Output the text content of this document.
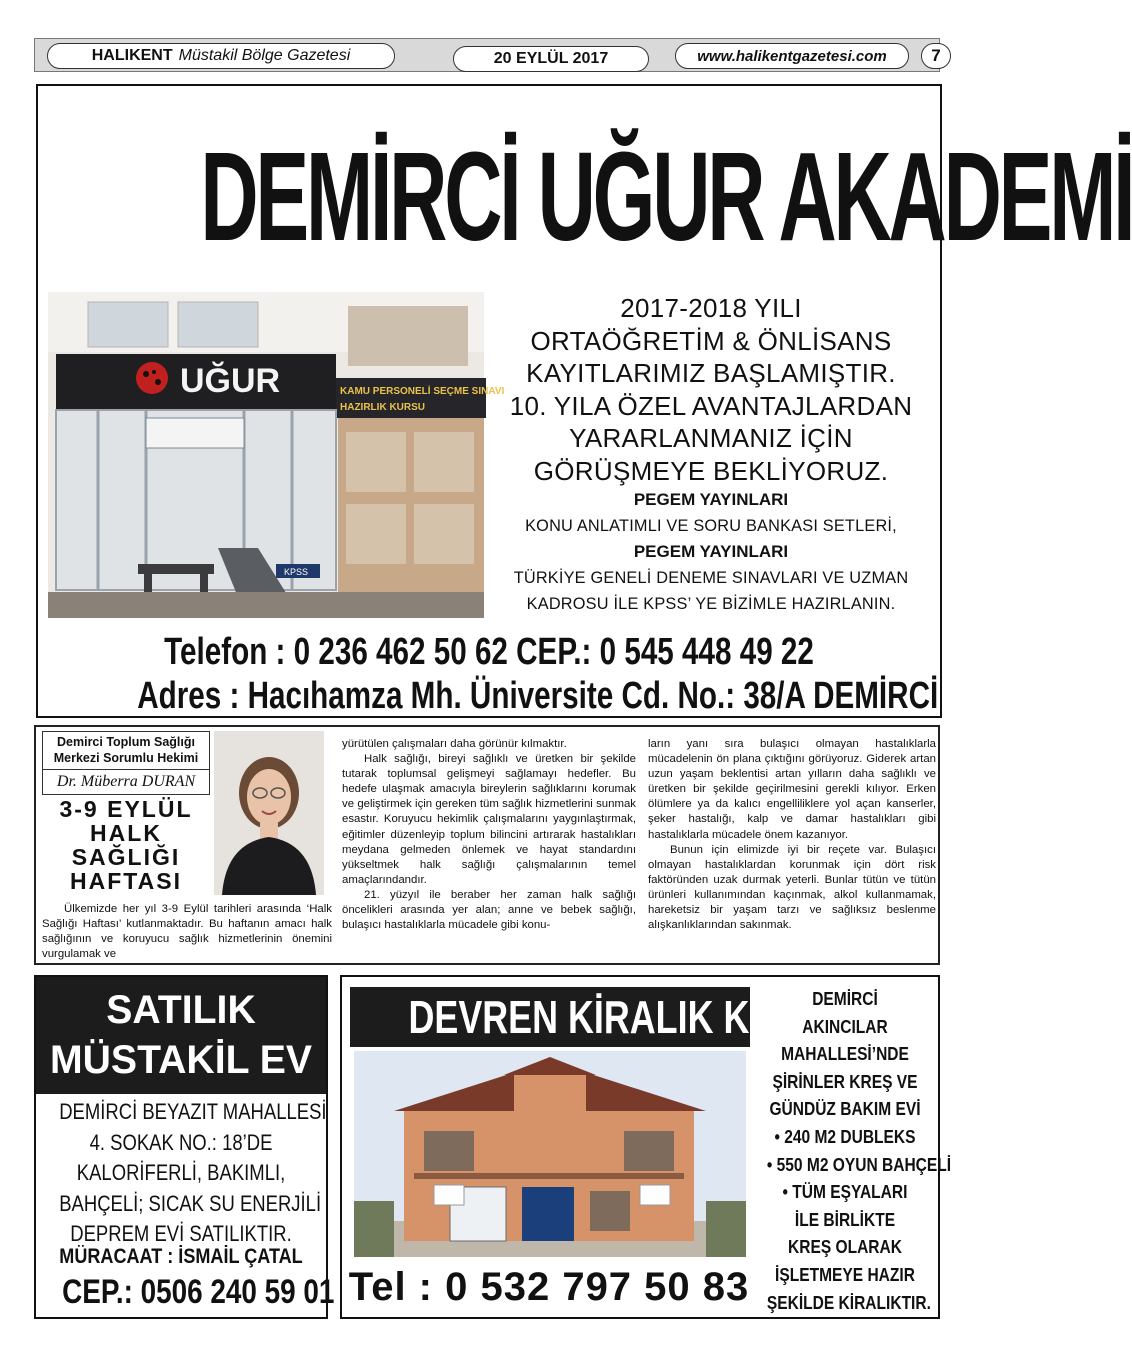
HALIKENT Müstakil Bölge Gazetesi	20 EYLÜL 2017	www.halikentgazetesi.com	7
DEMİRCİ UĞUR AKADEMİ
UĞUR	KAMU PERSONELİ SEÇME SINAVI
HAZIRLIK KURSU
KPSS
2017-2018 YILI
ORTAÖĞRETİM & ÖNLİSANS
KAYITLARIMIZ BAŞLAMIŞTIR.
10. YILA ÖZEL AVANTAJLARDAN
YARARLANMANIZ İÇİN
GÖRÜŞMEYE BEKLİYORUZ.
PEGEM YAYINLARI
KONU ANLATIMLI VE SORU BANKASI SETLERİ,
PEGEM YAYINLARI
TÜRKİYE GENELİ DENEME SINAVLARI VE UZMAN
KADROSU İLE KPSS’ YE BİZİMLE HAZIRLANIN.
Telefon : 0 236 462 50 62 CEP.: 0 545 448 49 22
Adres : Hacıhamza Mh. Üniversite Cd. No.: 38/A DEMİRCİ
Demirci Toplum Sağlığı
Merkezi Sorumlu Hekimi
Dr. Müberra DURAN
3-9 EYLÜL
HALK
SAĞLIĞI
HAFTASI

Ülkemizde her yıl 3-9 Eylül tarihleri arasında ‘Halk Sağlığı Haftası’ kutlanmaktadır. Bu haftanın amacı halk sağlığının ve koruyucu sağlık hizmetlerinin önemini vurgulamak ve

yürütülen çalışmaları daha görünür kılmaktır.

Halk sağlığı, bireyi sağlıklı ve üretken bir şekilde tutarak toplumsal gelişmeyi sağlamayı hedefler. Bu hedefe ulaşmak amacıyla bireylerin sağlıklarını korumak ve geliştirmek için gereken tüm sağlık hizmetlerini sunmak esastır. Koruyucu hekimlik çalışmalarını yaygınlaştırmak, eğitimler düzenleyip toplum bilincini artırarak hastalıkları meydana gelmeden önlemek ve hayat standardını yükseltmek halk sağlığı çalışmalarının temel amaçlarındandır.

21. yüzyıl ile beraber her zaman halk sağlığı öncelikleri arasında yer alan; anne ve bebek sağlığı, bulaşıcı hastalıklarla mücadele gibi konu-

ların yanı sıra bulaşıcı olmayan hastalıklarla mücadelenin ön plana çıktığını görüyoruz. Giderek artan uzun yaşam beklentisi artan yılların daha sağlıklı ve üretken bir şekilde geçirilmesini gerekli kılıyor. Erken ölümlere ya da kalıcı engelliliklere yol açan kanserler, şeker hastalığı, kalp ve damar hastalıkları gibi hastalıklarla mücadele önem kazanıyor.

Bunun için elimizde iyi bir reçete var. Bulaşıcı olmayan hastalıklardan korunmak için dört risk faktöründen uzak durmak yeterli. Bunlar tütün ve tütün ürünleri kullanımından kaçınmak, alkol kullanmamak, hareketsiz bir yaşam tarzı ve sağlıksız beslenme alışkanlıklarından sakınmak.

SATILIK
MÜSTAKİL EV
DEMİRCİ BEYAZIT MAHALLESİ
4. SOKAK NO.: 18’DE
KALORİFERLİ, BAKIMLI,
BAHÇELİ; SICAK SU ENERJİLİ
DEPREM EVİ SATILIKTIR.
MÜRACAAT : İSMAİL ÇATAL
CEP.: 0506 240 59 01
DEVREN KİRALIK KREŞ
Tel : 0 532 797 50 83
DEMİRCİ
AKINCILAR
MAHALLESİ’NDE
ŞİRİNLER KREŞ VE
GÜNDÜZ BAKIM EVİ
• 240 M2 DUBLEKS
• 550 M2 OYUN BAHÇELİ
• TÜM EŞYALARI
İLE BİRLİKTE
KREŞ OLARAK
İŞLETMEYE HAZIR
ŞEKİLDE KİRALIKTIR.
